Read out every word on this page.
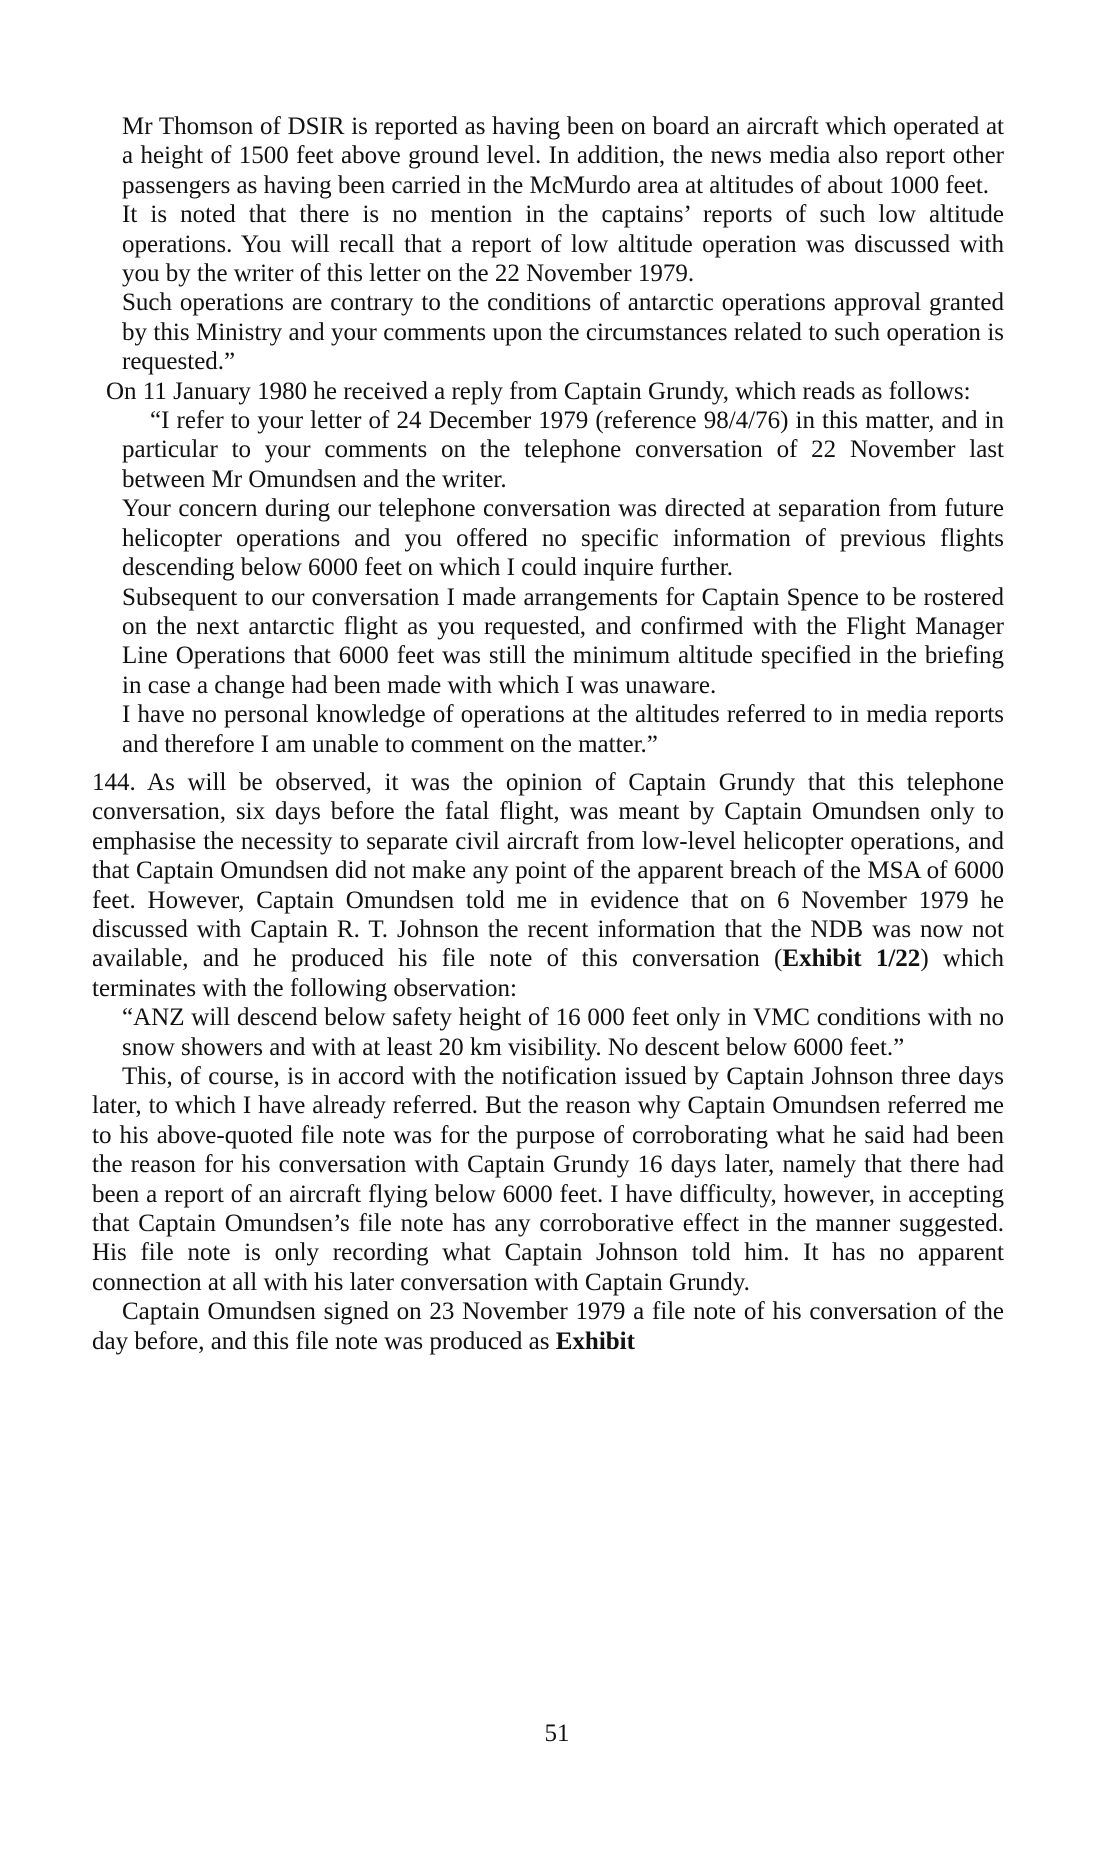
Mr Thomson of DSIR is reported as having been on board an aircraft which operated at a height of 1500 feet above ground level. In addition, the news media also report other passengers as having been carried in the McMurdo area at altitudes of about 1000 feet.

It is noted that there is no mention in the captains’ reports of such low altitude operations. You will recall that a report of low altitude operation was discussed with you by the writer of this letter on the 22 November 1979.

Such operations are contrary to the conditions of antarctic operations approval granted by this Ministry and your comments upon the circumstances related to such operation is requested.”

On 11 January 1980 he received a reply from Captain Grundy, which reads as follows:

“I refer to your letter of 24 December 1979 (reference 98/4/76) in this matter, and in particular to your comments on the telephone conversation of 22 November last between Mr Omundsen and the writer.

Your concern during our telephone conversation was directed at separation from future helicopter operations and you offered no specific information of previous flights descending below 6000 feet on which I could inquire further.

Subsequent to our conversation I made arrangements for Captain Spence to be rostered on the next antarctic flight as you requested, and confirmed with the Flight Manager Line Operations that 6000 feet was still the minimum altitude specified in the briefing in case a change had been made with which I was unaware.

I have no personal knowledge of operations at the altitudes referred to in media reports and therefore I am unable to comment on the matter.”

144. As will be observed, it was the opinion of Captain Grundy that this telephone conversation, six days before the fatal flight, was meant by Captain Omundsen only to emphasise the necessity to separate civil aircraft from low-level helicopter operations, and that Captain Omundsen did not make any point of the apparent breach of the MSA of 6000 feet. However, Captain Omundsen told me in evidence that on 6 November 1979 he discussed with Captain R. T. Johnson the recent information that the NDB was now not available, and he produced his file note of this conversation (Exhibit 1/22) which terminates with the following observation:

“ANZ will descend below safety height of 16 000 feet only in VMC conditions with no snow showers and with at least 20 km visibility. No descent below 6000 feet.”

This, of course, is in accord with the notification issued by Captain Johnson three days later, to which I have already referred. But the reason why Captain Omundsen referred me to his above-quoted file note was for the purpose of corroborating what he said had been the reason for his conversation with Captain Grundy 16 days later, namely that there had been a report of an aircraft flying below 6000 feet. I have difficulty, however, in accepting that Captain Omundsen’s file note has any corroborative effect in the manner suggested. His file note is only recording what Captain Johnson told him. It has no apparent connection at all with his later conversation with Captain Grundy.

Captain Omundsen signed on 23 November 1979 a file note of his conversation of the day before, and this file note was produced as Exhibit

51
